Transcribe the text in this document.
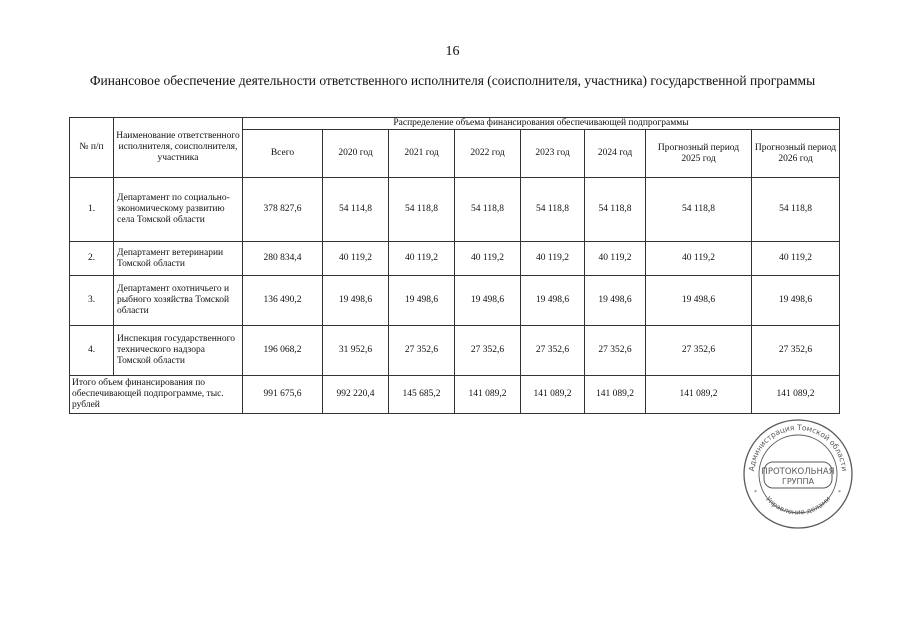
16
Финансовое обеспечение деятельности ответственного исполнителя (соисполнителя, участника) государственной программы
№ п/п	Наименование ответственного исполнителя, соисполнителя, участника	Распределение объема финансирования обеспечивающей подпрограммы							
		Всего	2020 год	2021 год	2022 год	2023 год	2024 год	Прогнозный период 2025 год	Прогнозный период 2026 год
1.	Департамент по социально-экономическому развитию села Томской области	378 827,6	54 114,8	54 118,8	54 118,8	54 118,8	54 118,8	54 118,8	54 118,8
2.	Департамент ветеринарии Томской области	280 834,4	40 119,2	40 119,2	40 119,2	40 119,2	40 119,2	40 119,2	40 119,2
3.	Департамент охотничьего и рыбного хозяйства Томской области	136 490,2	19 498,6	19 498,6	19 498,6	19 498,6	19 498,6	19 498,6	19 498,6
4.	Инспекция государственного технического надзора Томской области	196 068,2	31 952,6	27 352,6	27 352,6	27 352,6	27 352,6	27 352,6	27 352,6
Итого объем финансирования по обеспечивающей подпрограмме, тыс. рублей		991 675,6	992 220,4	145 685,2	141 089,2	141 089,2	141 089,2	141 089,2	141 089,2
Администрация Томской области
Управление делами
ПРОТОКОЛЬНАЯ
ГРУППА
*	*
